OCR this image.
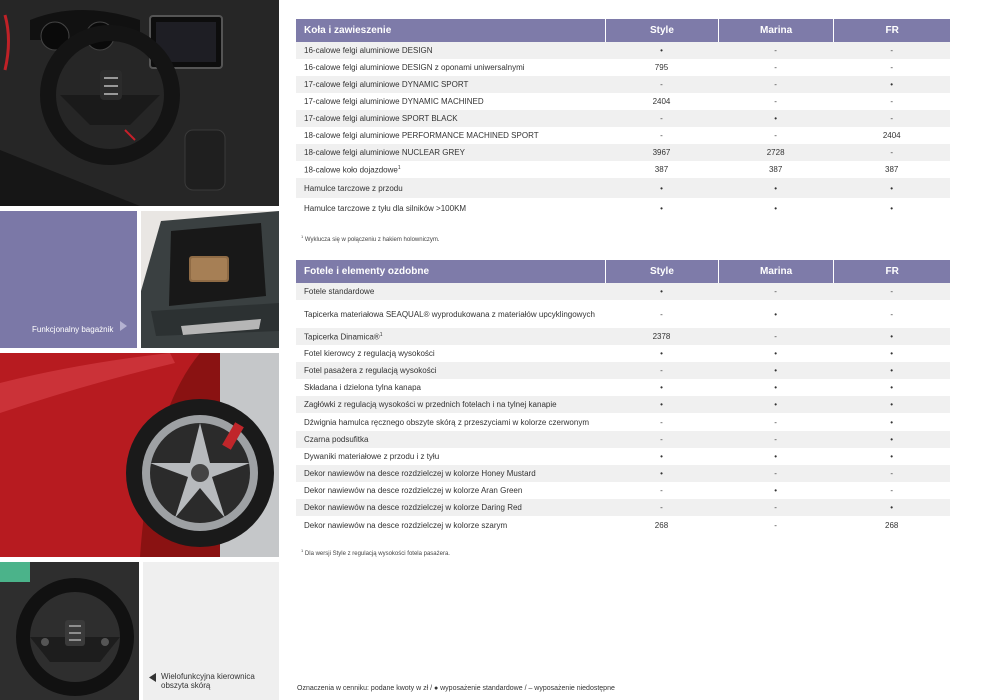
Funkcjonalny bagażnik
Wielofunkcyjna kierownica
obszyta skórą
Koła i zawieszenie	Style	Marina	FR
16-calowe felgi aluminiowe DESIGN	•	-	-
16-calowe felgi aluminiowe DESIGN z oponami uniwersalnymi	795	-	-
17-calowe felgi aluminiowe DYNAMIC SPORT	-	-	•
17-calowe felgi aluminiowe DYNAMIC MACHINED	2404	-	-
17-calowe felgi aluminiowe SPORT BLACK	-	•	-
18-calowe felgi aluminiowe PERFORMANCE MACHINED SPORT	-	-	2404
18-calowe felgi aluminiowe NUCLEAR GREY	3967	2728	-
18-calowe koło dojazdowe$^1$	387	387	387
Hamulce tarczowe z przodu	•	•	•
Hamulce tarczowe z tyłu dla silników >100KM	•	•	•
$^1$ Wyklucza się w połączeniu z hakiem holowniczym.
Fotele i elementy ozdobne	Style	Marina	FR
Fotele standardowe	•	-	-
Tapicerka materiałowa SEAQUAL® wyprodukowana z materiałów upcyklingowych	-	•	-
Tapicerka Dinamica®$^1$	2378	-	•
Fotel kierowcy z regulacją wysokości	•	•	•
Fotel pasażera z regulacją wysokości	-	•	•
Składana i dzielona tylna kanapa	•	•	•
Zagłówki z regulacją wysokości w przednich fotelach i na tylnej kanapie	•	•	•
Dźwignia hamulca ręcznego obszyte skórą z przeszyciami w kolorze czerwonym	-	-	•
Czarna podsufitka	-	-	•
Dywaniki materiałowe z przodu i z tyłu	•	•	•
Dekor nawiewów na desce rozdzielczej w kolorze Honey Mustard	•	-	-
Dekor nawiewów na desce rozdzielczej w kolorze Aran Green	-	•	-
Dekor nawiewów na desce rozdzielczej w kolorze Daring Red	-	-	•
Dekor nawiewów na desce rozdzielczej w kolorze szarym	268	-	268
$^1$ Dla wersji Style z regulacją wysokości fotela pasażera.
Oznaczenia w cenniku: podane kwoty w zł / ● wyposażenie standardowe / – wyposażenie niedostępne
